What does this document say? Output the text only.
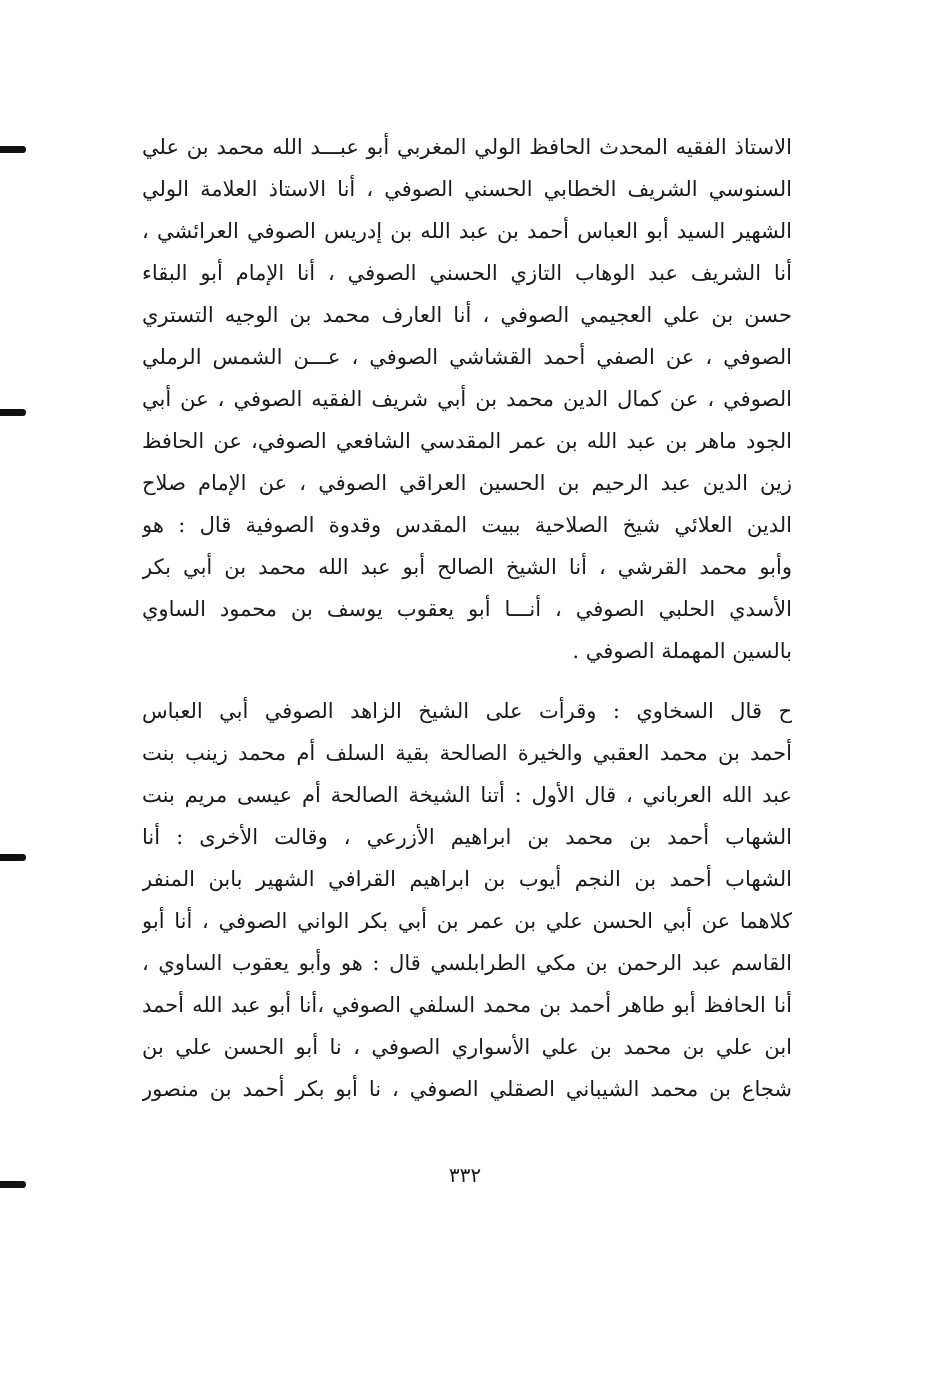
الاستاذ الفقيه المحدث الحافظ الولي المغربي أبو عبـــد الله محمد بن علي
السنوسي الشريف الخطابي الحسني الصوفي ، أنا الاستاذ العلامة الولي
الشهير السيد أبو العباس أحمد بن عبد الله بن إدريس الصوفي العرائشي ،
أنا الشريف عبد الوهاب التازي الحسني الصوفي ، أنا الإمام أبو البقاء
حسن بن علي العجيمي الصوفي ، أنا العارف محمد بن الوجيه التستري
الصوفي ، عن الصفي أحمد القشاشي الصوفي ، عـــن الشمس الرملي
الصوفي ، عن كمال الدين محمد بن أبي شريف الفقيه الصوفي ، عن أبي
الجود ماهر بن عبد الله بن عمر المقدسي الشافعي الصوفي، عن الحافظ
زين الدين عبد الرحيم بن الحسين العراقي الصوفي ، عن الإمام صلاح
الدين العلائي شيخ الصلاحية ببيت المقدس وقدوة الصوفية قال : هو
وأبو محمد القرشي ، أنا الشيخ الصالح أبو عبد الله محمد بن أبي بكر
الأسدي الحلبي الصوفي ، أنـــا أبو يعقوب يوسف بن محمود الساوي
بالسين المهملة الصوفي .
ح قال السخاوي : وقرأت على الشيخ الزاهد الصوفي أبي العباس
أحمد بن محمد العقبي والخيرة الصالحة بقية السلف أم محمد زينب بنت
عبد الله العرباني ، قال الأول : أتنا الشيخة الصالحة أم عيسى مريم بنت
الشهاب أحمد بن محمد بن ابراهيم الأزرعي ، وقالت الأخرى : أنا
الشهاب أحمد بن النجم أيوب بن ابراهيم القرافي الشهير بابن المنفر
كلاهما عن أبي الحسن علي بن عمر بن أبي بكر الواني الصوفي ، أنا أبو
القاسم عبد الرحمن بن مكي الطرابلسي قال : هو وأبو يعقوب الساوي ،
أنا الحافظ أبو طاهر أحمد بن محمد السلفي الصوفي ،أنا أبو عبد الله أحمد
ابن علي بن محمد بن علي الأسواري الصوفي ، نا أبو الحسن علي بن
شجاع بن محمد الشيباني الصقلي الصوفي ، نا أبو بكر أحمد بن منصور
٣٣٢
